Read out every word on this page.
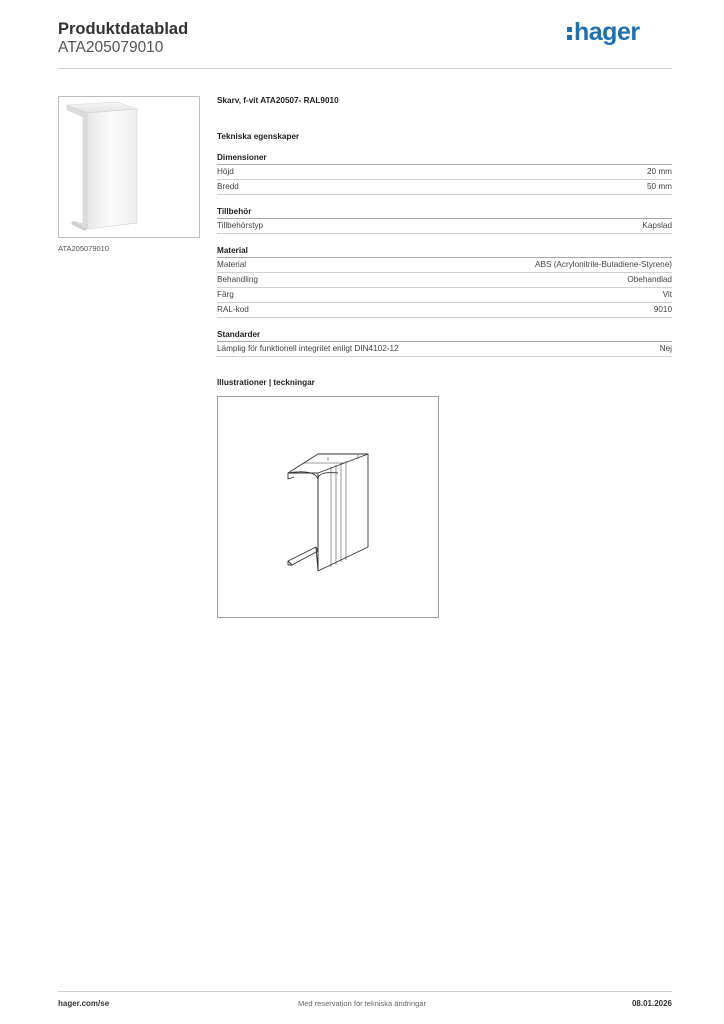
Produktdatablad
ATA205079010
hager
ATA205079010
Skarv, f-vit ATA20507- RAL9010
Tekniska egenskaper
Dimensioner
Höjd	20 mm
Bredd	50 mm
Tillbehör
Tillbehörstyp	Kapslad
Material
Material	ABS (Acrylonitrile-Butadiene-Styrene)
Behandling	Obehandlad
Färg	Vit
RAL-kod	9010
Standarder
Lämplig för funktionell integritet enligt DIN4102-12	Nej
Illustrationer | teckningar
hager.com/se	Med reservation för tekniska ändringar	08.01.2026
